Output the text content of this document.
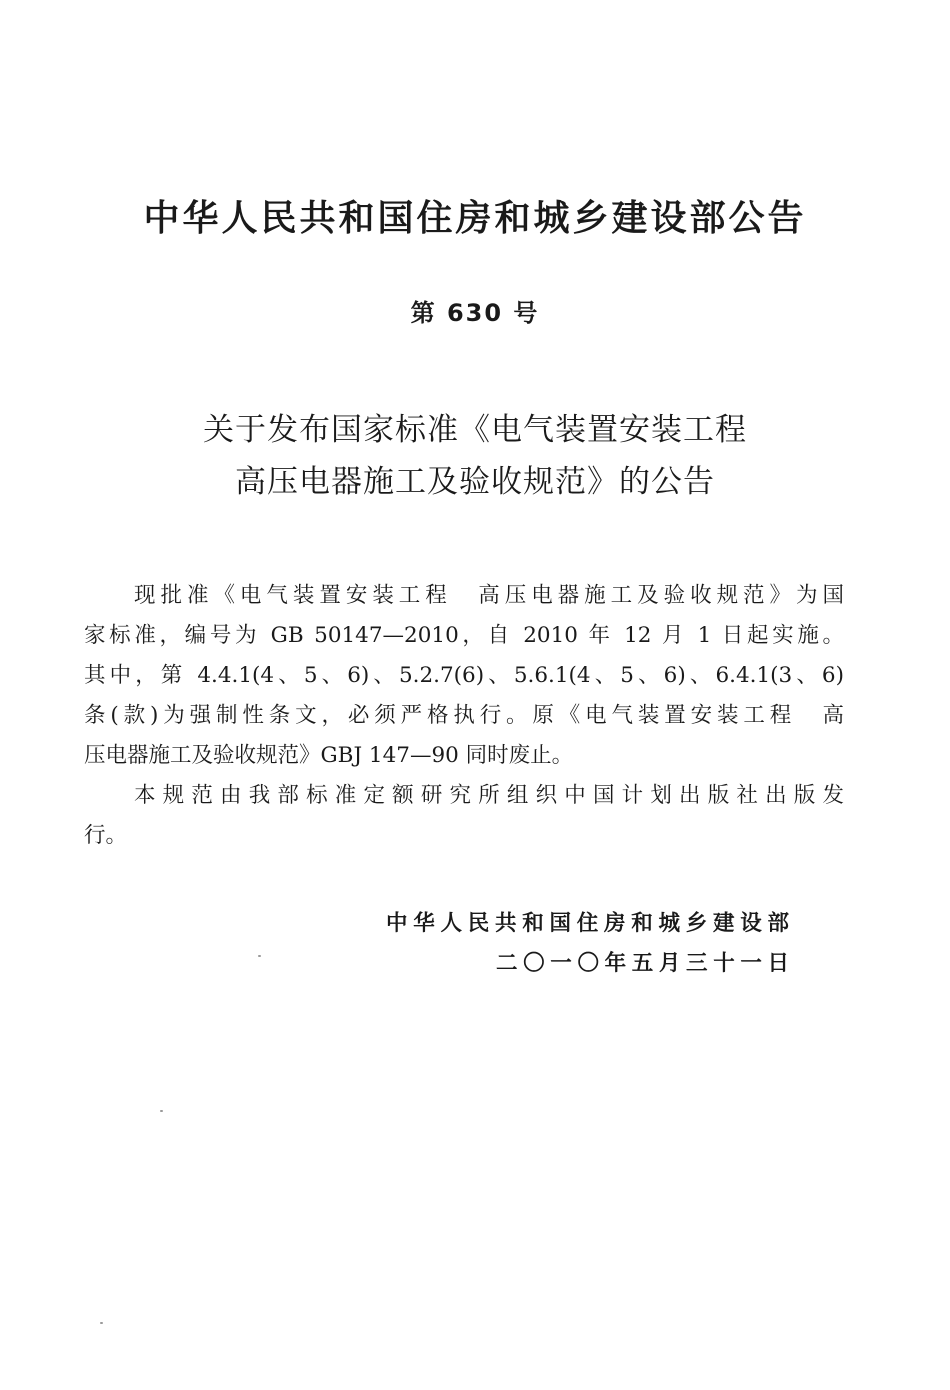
中华人民共和国住房和城乡建设部公告
第 630 号
关于发布国家标准《电气装置安装工程
高压电器施工及验收规范》的公告
现批准《电气装置安装工程　高压电器施工及验收规范》为国
家标准，编号为 GB 50147—2010，自 2010 年 12 月 1 日起实施。
其中，第 4.4.1(4、5、6)、5.2.7(6)、5.6.1(4、5、6)、6.4.1(3、6)
条(款)为强制性条文，必须严格执行。原《电气装置安装工程　高
压电器施工及验收规范》GBJ 147—90 同时废止。
本规范由我部标准定额研究所组织中国计划出版社出版发
行。
中华人民共和国住房和城乡建设部
二〇一〇年五月三十一日
